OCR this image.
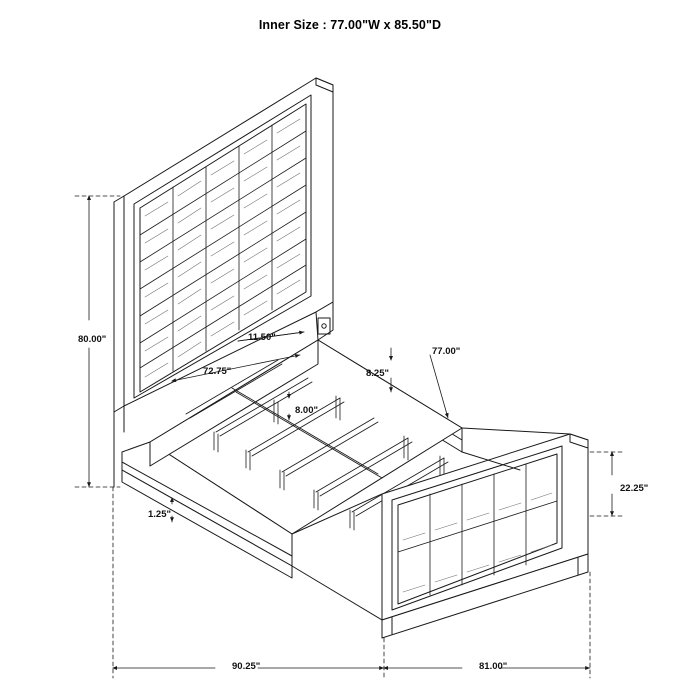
Inner Size : 77.00"W x 85.50"D
80.00"	11.50"
72.75"	8.25"
77.00"
8.00"
22.25"
1.25"
90.25"	81.00"
